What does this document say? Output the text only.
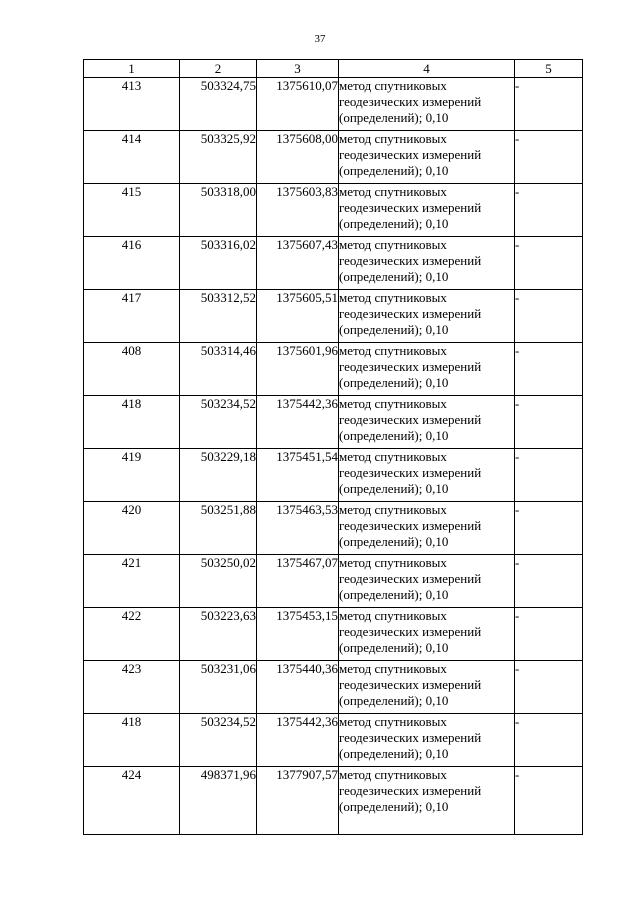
37
1	2	3	4	5
413	503324,75	1375610,07	метод спутниковых геодезических измерений (определений); 0,10	-
414	503325,92	1375608,00	метод спутниковых геодезических измерений (определений); 0,10	-
415	503318,00	1375603,83	метод спутниковых геодезических измерений (определений); 0,10	-
416	503316,02	1375607,43	метод спутниковых геодезических измерений (определений); 0,10	-
417	503312,52	1375605,51	метод спутниковых геодезических измерений (определений); 0,10	-
408	503314,46	1375601,96	метод спутниковых геодезических измерений (определений); 0,10	-
418	503234,52	1375442,36	метод спутниковых геодезических измерений (определений); 0,10	-
419	503229,18	1375451,54	метод спутниковых геодезических измерений (определений); 0,10	-
420	503251,88	1375463,53	метод спутниковых геодезических измерений (определений); 0,10	-
421	503250,02	1375467,07	метод спутниковых геодезических измерений (определений); 0,10	-
422	503223,63	1375453,15	метод спутниковых геодезических измерений (определений); 0,10	-
423	503231,06	1375440,36	метод спутниковых геодезических измерений (определений); 0,10	-
418	503234,52	1375442,36	метод спутниковых геодезических измерений (определений); 0,10	-
424	498371,96	1377907,57	метод спутниковых геодезических измерений (определений); 0,10	-
